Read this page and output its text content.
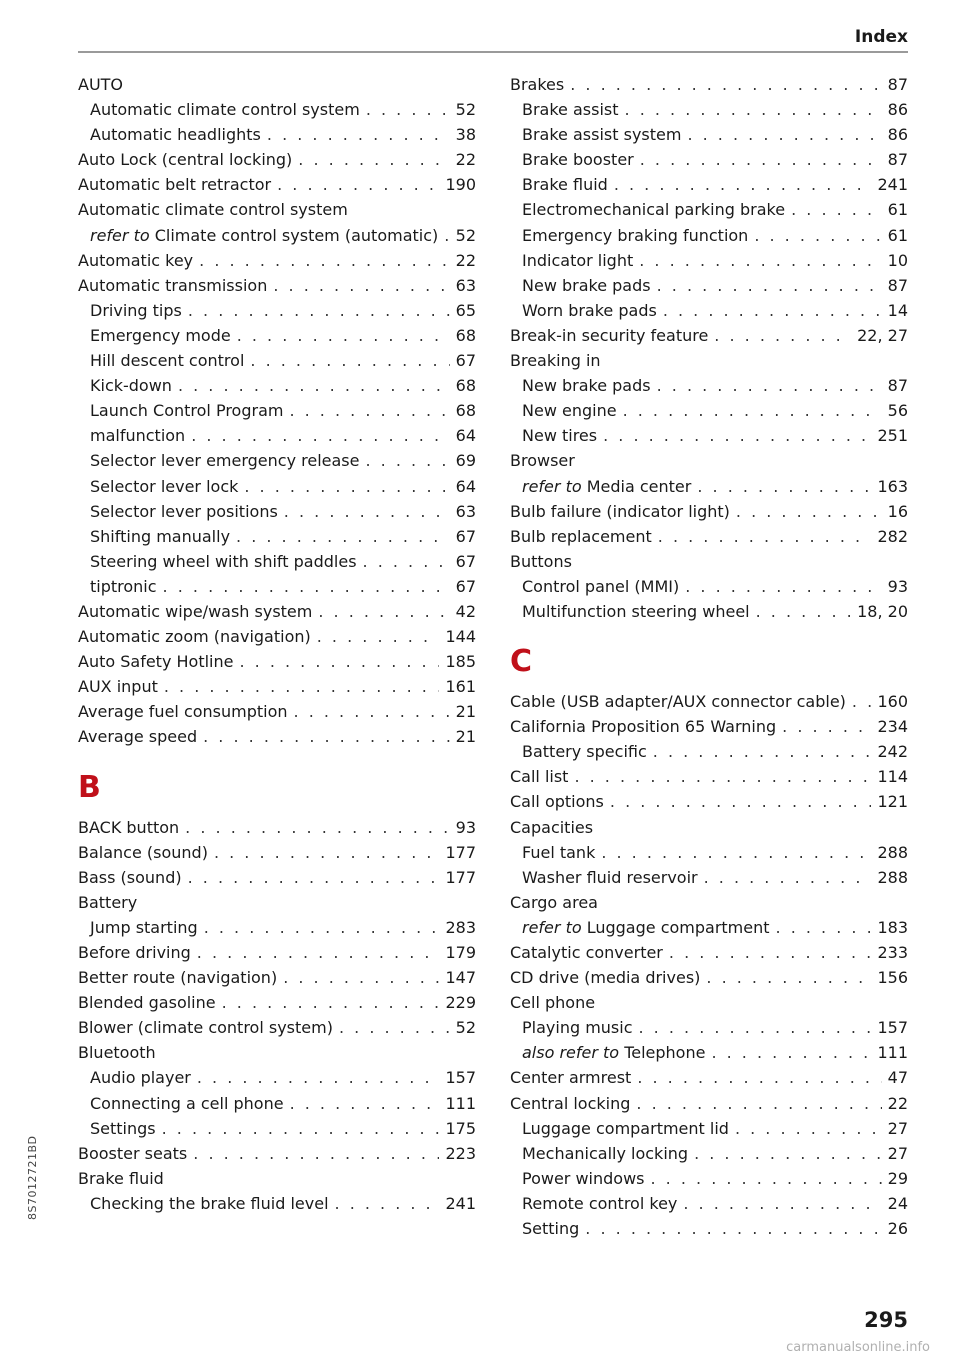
Index
AUTO
Automatic climate control system . . .	52
Automatic headlights . . .	38
Auto Lock (central locking) . . .	22
Automatic belt retractor . . .	190
Automatic climate control system
refer to Climate control system (automatic) . . . 52
Automatic key . . .	22
Automatic transmission . . .	63
Driving tips . . .	65
Emergency mode . . .	68
Hill descent control . . .	67
Kick-down . . .	68
Launch Control Program . . .	68
malfunction . . .	64
Selector lever emergency release . . .	69
Selector lever lock . . .	64
Selector lever positions . . .	63
Shifting manually . . .	67
Steering wheel with shift paddles . . .	67
tiptronic . . .	67
Automatic wipe/wash system . . .	42
Automatic zoom (navigation) . . .	144
Auto Safety Hotline . . .	185
AUX input . . .	161
Average fuel consumption . . .	21
Average speed . . .	21
B
BACK button . . .	93
Balance (sound) . . .	177
Bass (sound) . . .	177
Battery
Jump starting . . .	283
Before driving . . .	179
Better route (navigation) . . .	147
Blended gasoline . . .	229
Blower (climate control system) . . .	52
Bluetooth
Audio player . . .	157
Connecting a cell phone . . .	111
Settings . . .	175
Booster seats . . .	223
Brake fluid
Checking the brake fluid level . . .	241
Brakes . . .	87
Brake assist . . .	86
Brake assist system . . .	86
Brake booster . . .	87
Brake fluid . . .	241
Electromechanical parking brake . . .	61
Emergency braking function . . .	61
Indicator light . . .	10
New brake pads . . .	87
Worn brake pads . . .	14
Break-in security feature . . .	22, 27
Breaking in
New brake pads . . .	87
New engine . . .	56
New tires . . .	251
Browser
refer to Media center . . .	163
Bulb failure (indicator light) . . .	16
Bulb replacement . . .	282
Buttons
Control panel (MMI) . . .	93
Multifunction steering wheel . . .	18, 20
C
Cable (USB adapter/AUX connector cable) . . . 160
California Proposition 65 Warning . . .	234
Battery specific . . .	242
Call list . . .	114
Call options . . .	121
Capacities
Fuel tank . . .	288
Washer fluid reservoir . . .	288
Cargo area
refer to Luggage compartment . . .	183
Catalytic converter . . .	233
CD drive (media drives) . . .	156
Cell phone
Playing music . . .	157
also refer to Telephone . . .	111
Center armrest . . .	47
Central locking . . .	22
Luggage compartment lid . . .	27
Mechanically locking . . .	27
Power windows . . .	29
Remote control key . . .	24
Setting . . .	26
8S7012721BD
295
carmanualsonline.info
